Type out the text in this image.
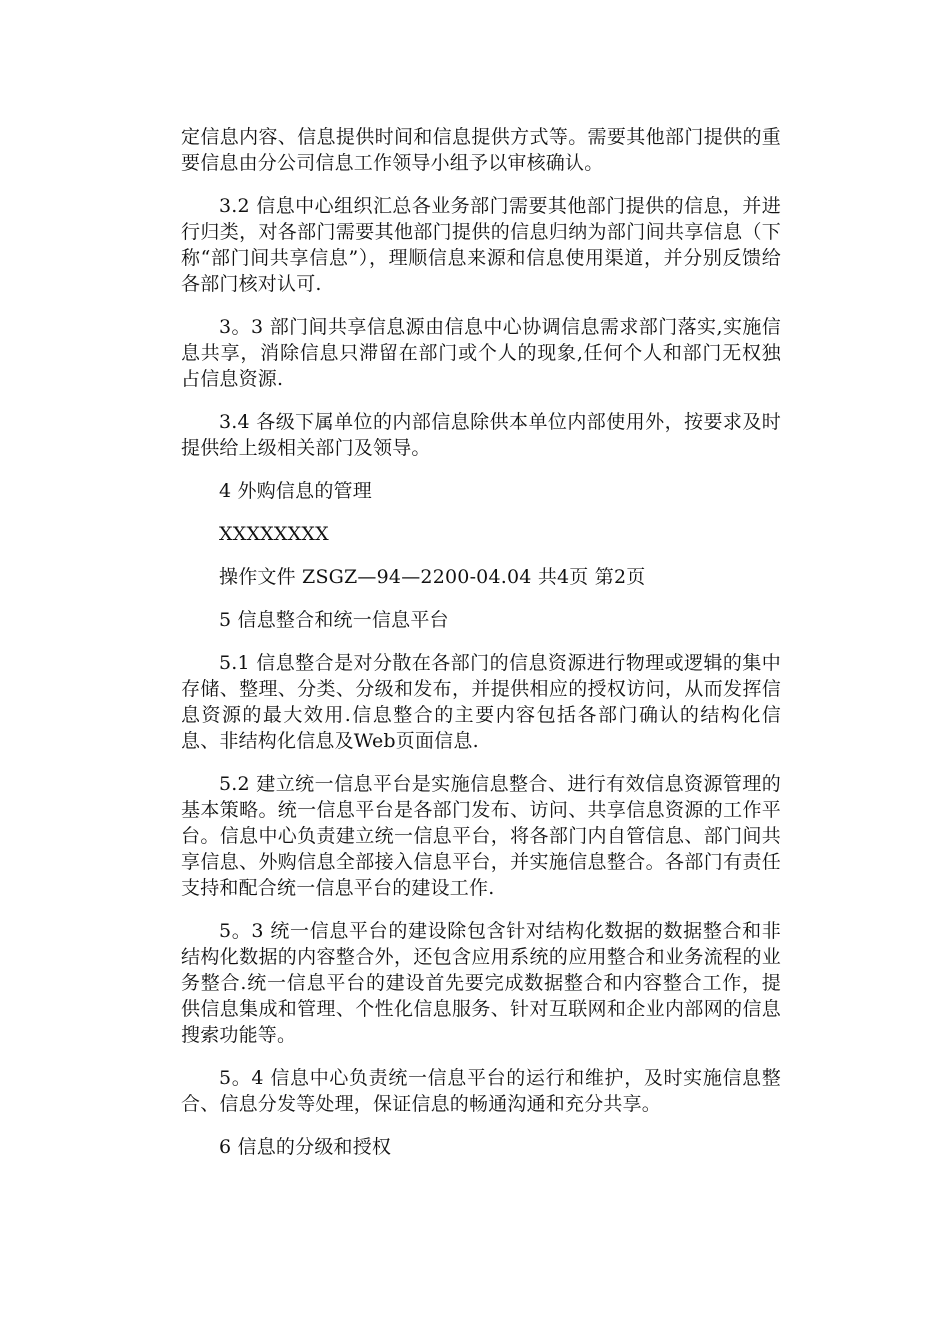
定信息内容、信息提供时间和信息提供方式等。需要其他部门提供的重要信息由分公司信息工作领导小组予以审核确认。

3.2 信息中心组织汇总各业务部门需要其他部门提供的信息，并进行归类，对各部门需要其他部门提供的信息归纳为部门间共享信息（下称“部门间共享信息”），理顺信息来源和信息使用渠道，并分别反馈给各部门核对认可.

3。3 部门间共享信息源由信息中心协调信息需求部门落实,实施信息共享，消除信息只滞留在部门或个人的现象,任何个人和部门无权独占信息资源.

3.4 各级下属单位的内部信息除供本单位内部使用外，按要求及时提供给上级相关部门及领导。

4 外购信息的管理

XXXXXXXX

操作文件 ZSGZ—94—2200-04.04 共4页 第2页

5 信息整合和统一信息平台

5.1 信息整合是对分散在各部门的信息资源进行物理或逻辑的集中存储、整理、分类、分级和发布，并提供相应的授权访问，从而发挥信息资源的最大效用.信息整合的主要内容包括各部门确认的结构化信息、非结构化信息及Web页面信息.

5.2 建立统一信息平台是实施信息整合、进行有效信息资源管理的基本策略。统一信息平台是各部门发布、访问、共享信息资源的工作平台。信息中心负责建立统一信息平台，将各部门内自管信息、部门间共享信息、外购信息全部接入信息平台，并实施信息整合。各部门有责任支持和配合统一信息平台的建设工作.

5。3 统一信息平台的建设除包含针对结构化数据的数据整合和非结构化数据的内容整合外，还包含应用系统的应用整合和业务流程的业务整合.统一信息平台的建设首先要完成数据整合和内容整合工作，提供信息集成和管理、个性化信息服务、针对互联网和企业内部网的信息搜索功能等。

5。4 信息中心负责统一信息平台的运行和维护，及时实施信息整合、信息分发等处理，保证信息的畅通沟通和充分共享。

6 信息的分级和授权
